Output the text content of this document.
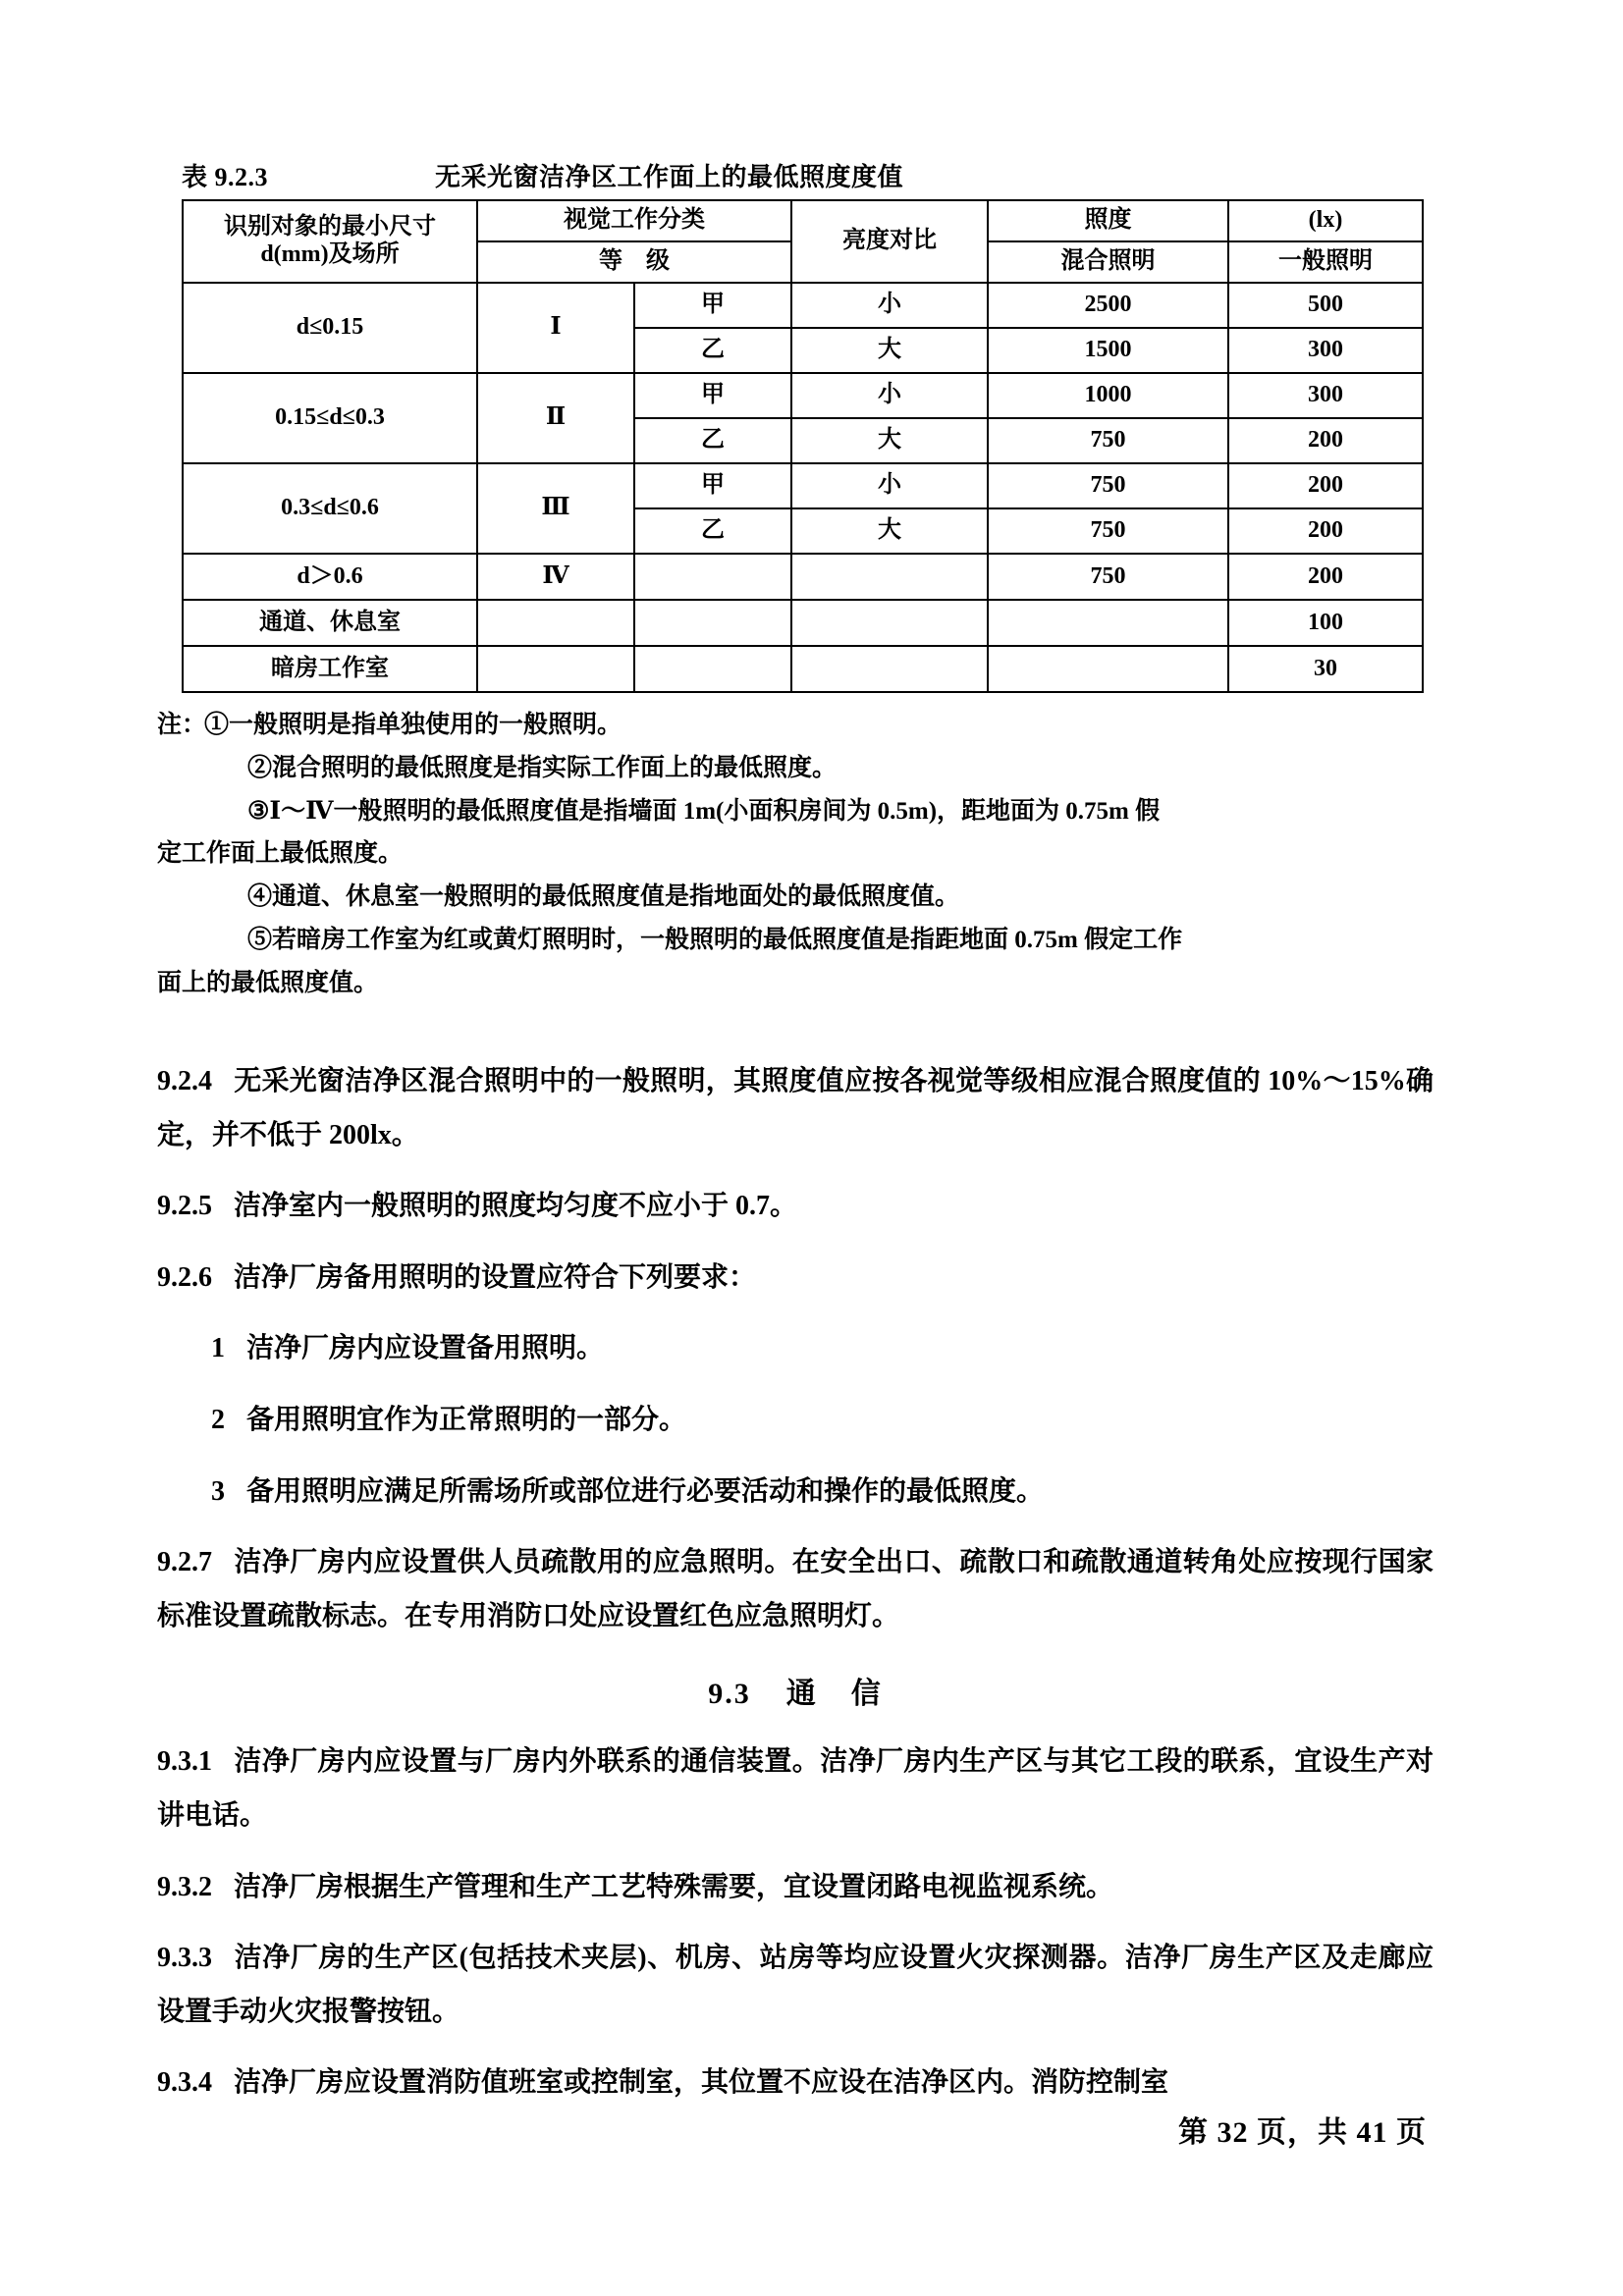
表 9.2.3	无采光窗洁净区工作面上的最低照度度值
识别对象的最小尺寸
d(mm)及场所	视觉工作分类		亮度对比	照度	(lx)
	等　级			混合照明	一般照明
d≤0.15	Ⅰ	甲	小	2500	500
		乙	大	1500	300
0.15≤d≤0.3	Ⅱ	甲	小	1000	300
		乙	大	750	200
0.3≤d≤0.6	Ⅲ	甲	小	750	200
		乙	大	750	200
d＞0.6	Ⅳ			750	200
通道、休息室					100
暗房工作室					30
注：①一般照明是指单独使用的一般照明。
②混合照明的最低照度是指实际工作面上的最低照度。
③Ⅰ～Ⅳ一般照明的最低照度值是指墙面 1m(小面积房间为 0.5m)，距地面为 0.75m 假
定工作面上最低照度。
④通道、休息室一般照明的最低照度值是指地面处的最低照度值。
⑤若暗房工作室为红或黄灯照明时，一般照明的最低照度值是指距地面 0.75m 假定工作
面上的最低照度值。

9.2.4 无采光窗洁净区混合照明中的一般照明，其照度值应按各视觉等级相应混合照度值的 10%～15%确定，并不低于 200lx。

9.2.5 洁净室内一般照明的照度均匀度不应小于 0.7。

9.2.6 洁净厂房备用照明的设置应符合下列要求：

1 洁净厂房内应设置备用照明。

2 备用照明宜作为正常照明的一部分。

3 备用照明应满足所需场所或部位进行必要活动和操作的最低照度。

9.2.7 洁净厂房内应设置供人员疏散用的应急照明。在安全出口、疏散口和疏散通道转角处应按现行国家标准设置疏散标志。在专用消防口处应设置红色应急照明灯。

9.3 通 信

9.3.1 洁净厂房内应设置与厂房内外联系的通信装置。洁净厂房内生产区与其它工段的联系，宜设生产对讲电话。

9.3.2 洁净厂房根据生产管理和生产工艺特殊需要，宜设置闭路电视监视系统。

9.3.3 洁净厂房的生产区(包括技术夹层)、机房、站房等均应设置火灾探测器。洁净厂房生产区及走廊应设置手动火灾报警按钮。

9.3.4 洁净厂房应设置消防值班室或控制室，其位置不应设在洁净区内。消防控制室

第 32 页，共 41 页
